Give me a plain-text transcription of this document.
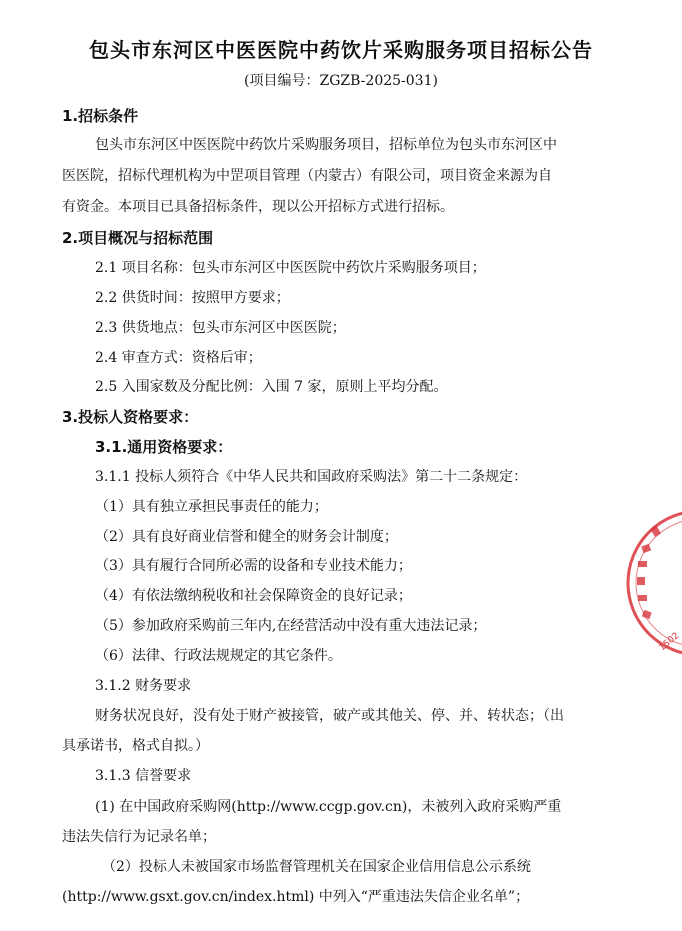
包头市东河区中医医院中药饮片采购服务项目招标公告
(项目编号：ZGZB-2025-031)
1.招标条件
包头市东河区中医医院中药饮片采购服务项目，招标单位为包头市东河区中
医医院，招标代理机构为中罡项目管理（内蒙古）有限公司，项目资金来源为自
有资金。本项目已具备招标条件，现以公开招标方式进行招标。
2.项目概况与招标范围
2.1 项目名称：包头市东河区中医医院中药饮片采购服务项目；
2.2 供货时间：按照甲方要求；
2.3 供货地点：包头市东河区中医医院；
2.4 审查方式：资格后审；
2.5 入围家数及分配比例：入围 7 家，原则上平均分配。
3.投标人资格要求：
3.1.通用资格要求：
3.1.1 投标人须符合《中华人民共和国政府采购法》第二十二条规定：
（1）具有独立承担民事责任的能力；
（2）具有良好商业信誉和健全的财务会计制度；
（3）具有履行合同所必需的设备和专业技术能力；
（4）有依法缴纳税收和社会保障资金的良好记录；
（5）参加政府采购前三年内,在经营活动中没有重大违法记录；
（6）法律、行政法规规定的其它条件。
3.1.2 财务要求
财务状况良好，没有处于财产被接管，破产或其他关、停、并、转状态；（出
具承诺书，格式自拟。）
3.1.3 信誉要求
(1) 在中国政府采购网(http://www.ccgp.gov.cn)，未被列入政府采购严重
违法失信行为记录名单；
（2）投标人未被国家市场监督管理机关在国家企业信用信息公示系统
(http://www.gsxt.gov.cn/index.html) 中列入“严重违法失信企业名单”；
1502
